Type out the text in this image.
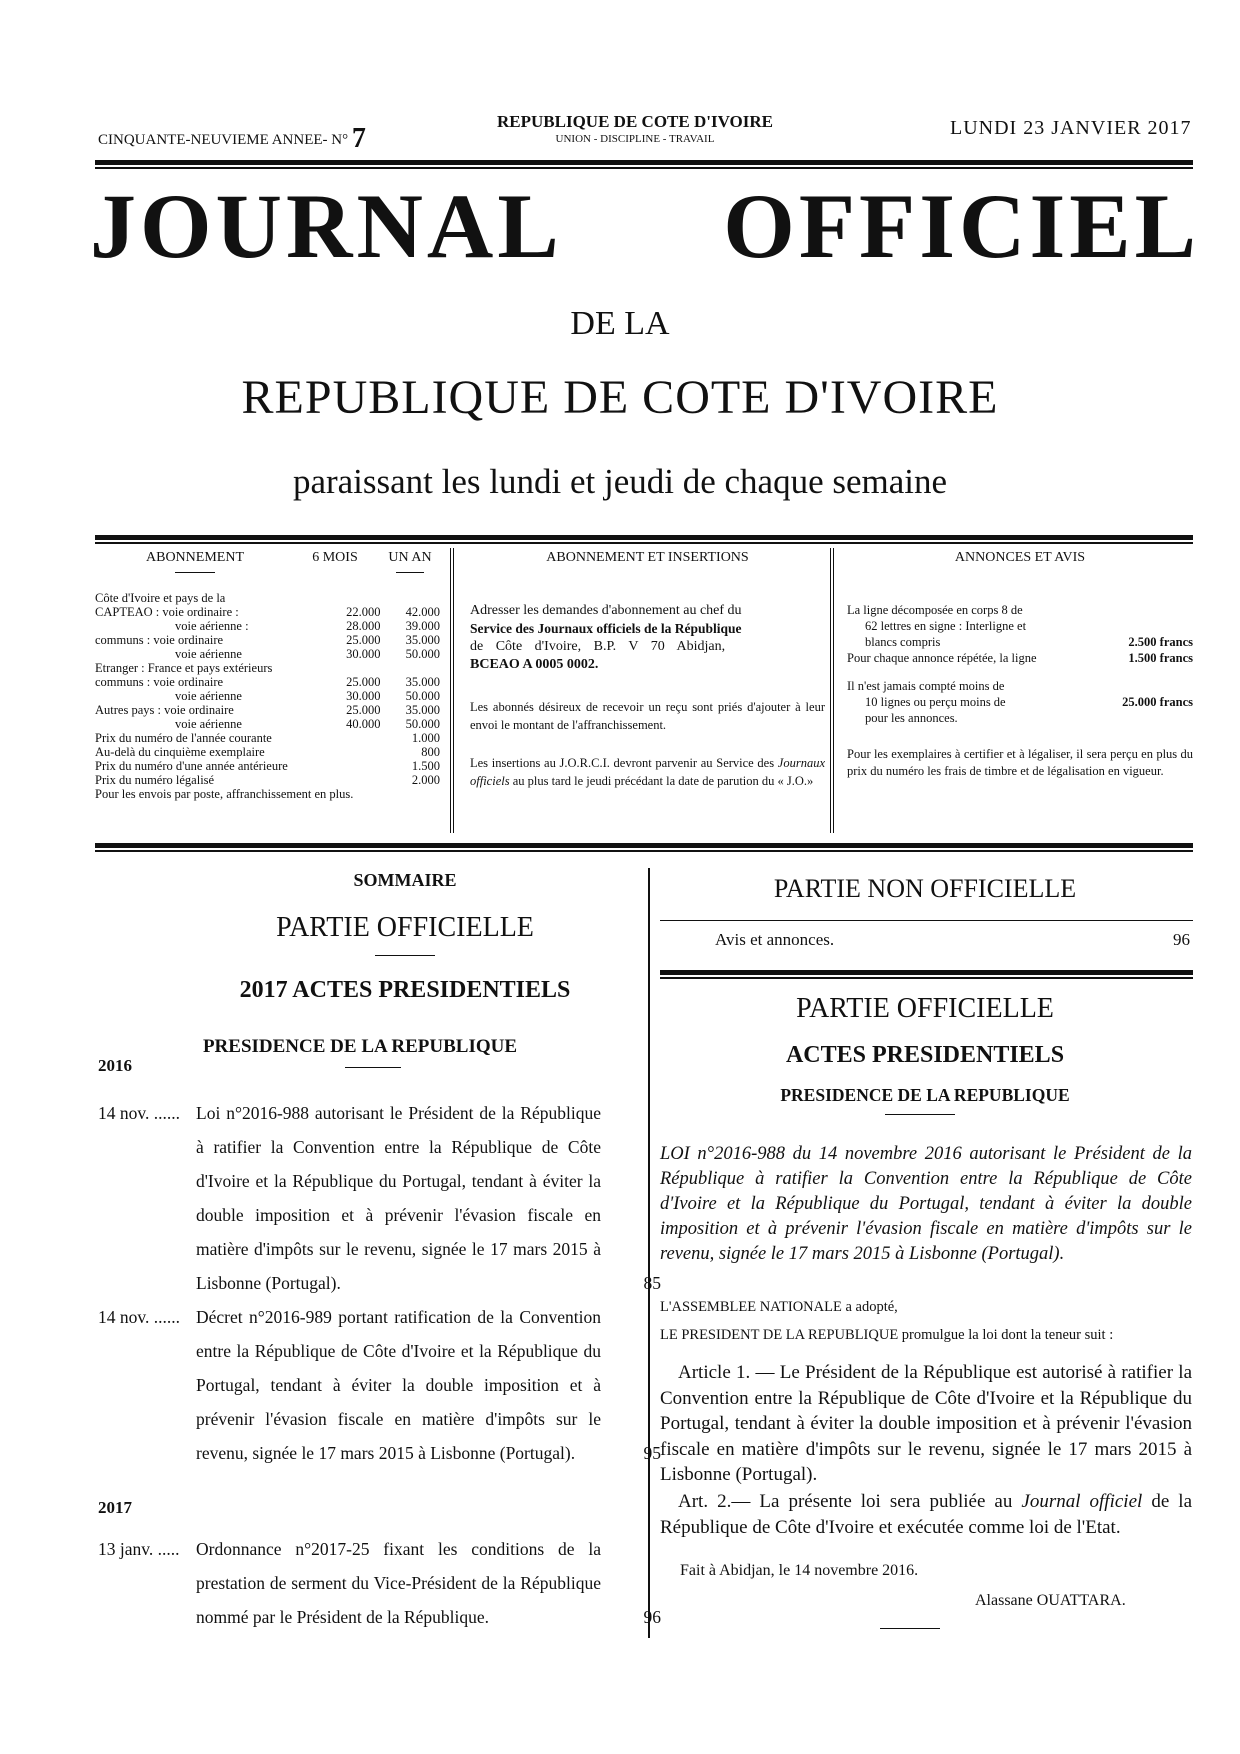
CINQUANTE-NEUVIEME ANNEE- N° 7
REPUBLIQUE DE COTE D'IVOIRE
UNION - DISCIPLINE - TRAVAIL	LUNDI 23 JANVIER 2017
JOURNAL OFFICIEL
DE LA
REPUBLIQUE DE COTE D'IVOIRE
paraissant les lundi et jeudi de chaque semaine
ABONNEMENT	6 MOIS	UN AN
Côte d'Ivoire et pays de la		
CAPTEAO : voie ordinaire :	22.000	42.000
voie aérienne :	28.000	39.000
communs : voie ordinaire	25.000	35.000
voie aérienne	30.000	50.000
Etranger : France et pays extérieurs		
communs : voie ordinaire	25.000	35.000
voie aérienne	30.000	50.000
Autres pays : voie ordinaire	25.000	35.000
voie aérienne	40.000	50.000
Prix du numéro de l'année courante		1.000
Au-delà du cinquième exemplaire		800
Prix du numéro d'une année antérieure		1.500
Prix du numéro légalisé		2.000
Pour les envois par poste, affranchissement en plus.		
ABONNEMENT ET INSERTIONS
Adresser les demandes d'abonnement au chef du
Service des Journaux officiels de la République
de Côte d'Ivoire, B.P. V 70 Abidjan,
BCEAO A 0005 0002.
Les abonnés désireux de recevoir un reçu sont priés d'ajouter à leur envoi le montant de l'affranchissement.
Les insertions au J.O.R.C.I. devront parvenir au Service des Journaux officiels au plus tard le jeudi précédant la date de parution du « J.O.»
ANNONCES ET AVIS
La ligne décomposée en corps 8 de
62 lettres en signe : Interligne et
blancs compris	2.500 francs
Pour chaque annonce répétée, la ligne	1.500 francs
Il n'est jamais compté moins de
10 lignes ou perçu moins de	25.000 francs
pour les annonces.
Pour les exemplaires à certifier et à légaliser, il sera perçu en plus du prix du numéro les frais de timbre et de légalisation en vigueur.
SOMMAIRE
PARTIE OFFICIELLE
2017 ACTES PRESIDENTIELS
2016
PRESIDENCE DE LA REPUBLIQUE
14 nov. ...... Loi n°2016-988 autorisant le Président de la République à ratifier la Convention entre la République de Côte d'Ivoire et la République du Portugal, tendant à éviter la double imposition et à prévenir l'évasion fiscale en matière d'impôts sur le revenu, signée le 17 mars 2015 à Lisbonne (Portugal).	85
14 nov. ...... Décret n°2016-989 portant ratification de la Convention entre la République de Côte d'Ivoire et la République du Portugal, tendant à éviter la double imposition et à prévenir l'évasion fiscale en matière d'impôts sur le revenu, signée le 17 mars 2015 à Lisbonne (Portugal).	95
2017
13 janv. ..... Ordonnance n°2017-25 fixant les conditions de la prestation de serment du Vice-Président de la République nommé par le Président de la République.	96
PARTIE NON OFFICIELLE
Avis et annonces.	96
PARTIE OFFICIELLE
ACTES PRESIDENTIELS
PRESIDENCE DE LA REPUBLIQUE
LOI n°2016-988 du 14 novembre 2016 autorisant le Président de la République à ratifier la Convention entre la République de Côte d'Ivoire et la République du Portugal, tendant à éviter la double imposition et à prévenir l'évasion fiscale en matière d'impôts sur le revenu, signée le 17 mars 2015 à Lisbonne (Portugal).
L'ASSEMBLEE NATIONALE a adopté,
LE PRESIDENT DE LA REPUBLIQUE promulgue la loi dont la teneur suit :
Article 1. — Le Président de la République est autorisé à ratifier la Convention entre la République de Côte d'Ivoire et la République du Portugal, tendant à éviter la double imposition et à prévenir l'évasion fiscale en matière d'impôts sur le revenu, signée le 17 mars 2015 à Lisbonne (Portugal).
Art. 2.— La présente loi sera publiée au Journal officiel de la République de Côte d'Ivoire et exécutée comme loi de l'Etat.
Fait à Abidjan, le 14 novembre 2016.
Alassane OUATTARA.
